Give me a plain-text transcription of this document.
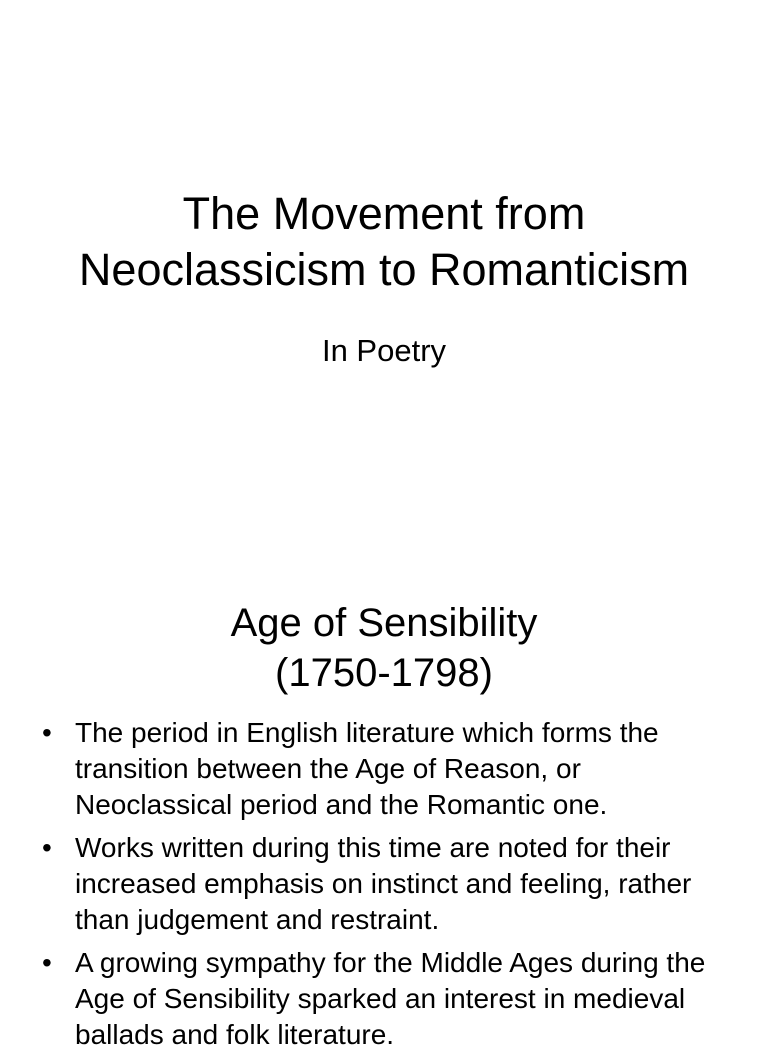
The Movement from
Neoclassicism to Romanticism

In Poetry

Age of Sensibility
(1750-1798)
• The period in English literature which forms the transition between the Age of Reason, or Neoclassical period and the Romantic one.
• Works written during this time are noted for their increased emphasis on instinct and feeling, rather than judgement and restraint.
• A growing sympathy for the Middle Ages during the Age of Sensibility sparked an interest in medieval ballads and folk literature.
